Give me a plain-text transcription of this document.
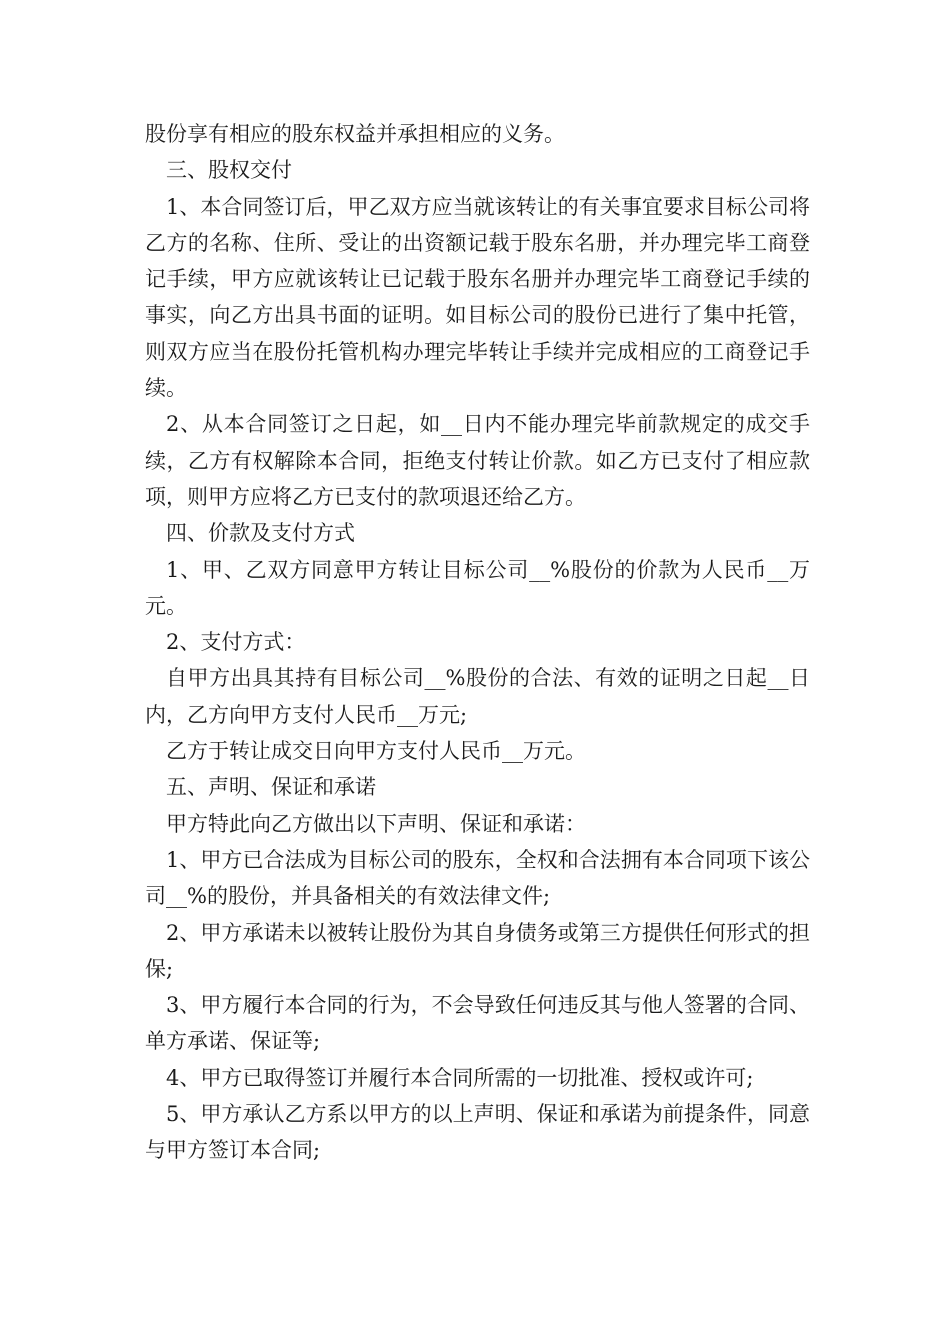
股份享有相应的股东权益并承担相应的义务。

三、股权交付

1、本合同签订后，甲乙双方应当就该转让的有关事宜要求目标公司将乙方的名称、住所、受让的出资额记载于股东名册，并办理完毕工商登记手续，甲方应就该转让已记载于股东名册并办理完毕工商登记手续的事实，向乙方出具书面的证明。如目标公司的股份已进行了集中托管，则双方应当在股份托管机构办理完毕转让手续并完成相应的工商登记手续。

2、从本合同签订之日起，如__日内不能办理完毕前款规定的成交手续，乙方有权解除本合同，拒绝支付转让价款。如乙方已支付了相应款项，则甲方应将乙方已支付的款项退还给乙方。

四、价款及支付方式

1、甲、乙双方同意甲方转让目标公司__%股份的价款为人民币__万元。

2、支付方式：

自甲方出具其持有目标公司__%股份的合法、有效的证明之日起__日内，乙方向甲方支付人民币__万元;

乙方于转让成交日向甲方支付人民币__万元。

五、声明、保证和承诺

甲方特此向乙方做出以下声明、保证和承诺：

1、甲方已合法成为目标公司的股东，全权和合法拥有本合同项下该公司__%的股份，并具备相关的有效法律文件;

2、甲方承诺未以被转让股份为其自身债务或第三方提供任何形式的担保;

3、甲方履行本合同的行为，不会导致任何违反其与他人签署的合同、单方承诺、保证等;

4、甲方已取得签订并履行本合同所需的一切批准、授权或许可;

5、甲方承认乙方系以甲方的以上声明、保证和承诺为前提条件，同意与甲方签订本合同;
